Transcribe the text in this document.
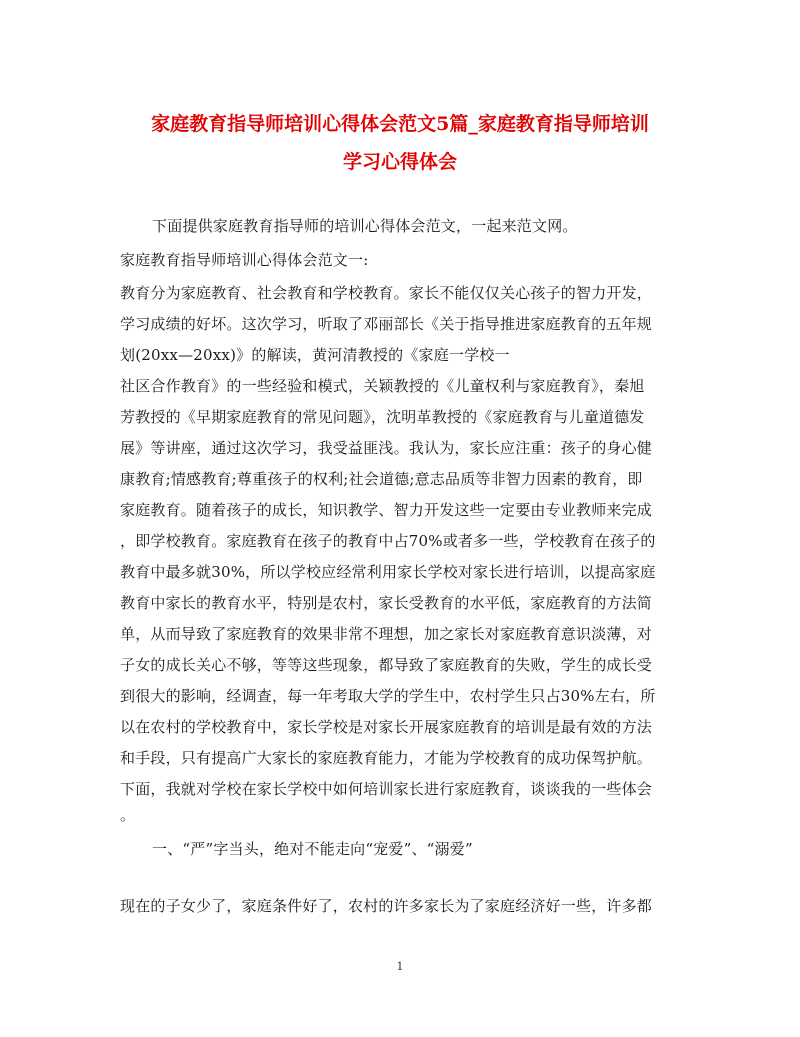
家庭教育指导师培训心得体会范文5篇_家庭教育指导师培训
学习心得体会
下面提供家庭教育指导师的培训心得体会范文，一起来范文网。
家庭教育指导师培训心得体会范文一:
教育分为家庭教育、社会教育和学校教育。家长不能仅仅关心孩子的智力开发，
学习成绩的好坏。这次学习，听取了邓丽部长《关于指导推进家庭教育的五年规
划(20xx—20xx)》的解读，黄河清教授的《家庭一学校一
社区合作教育》的一些经验和模式，关颖教授的《儿童权利与家庭教育》，秦旭
芳教授的《早期家庭教育的常见问题》，沈明革教授的《家庭教育与儿童道德发
展》等讲座，通过这次学习，我受益匪浅。我认为，家长应注重：孩子的身心健
康教育;情感教育;尊重孩子的权利;社会道德;意志品质等非智力因素的教育，即
家庭教育。随着孩子的成长，知识教学、智力开发这些一定要由专业教师来完成
，即学校教育。家庭教育在孩子的教育中占70%或者多一些，学校教育在孩子的
教育中最多就30%，所以学校应经常利用家长学校对家长进行培训，以提高家庭
教育中家长的教育水平，特别是农村，家长受教育的水平低，家庭教育的方法简
单，从而导致了家庭教育的效果非常不理想，加之家长对家庭教育意识淡薄，对
子女的成长关心不够，等等这些现象，都导致了家庭教育的失败，学生的成长受
到很大的影响，经调查，每一年考取大学的学生中，农村学生只占30%左右，所
以在农村的学校教育中，家长学校是对家长开展家庭教育的培训是最有效的方法
和手段，只有提高广大家长的家庭教育能力，才能为学校教育的成功保驾护航。
下面，我就对学校在家长学校中如何培训家长进行家庭教育，谈谈我的一些体会
。
一、“严”字当头，绝对不能走向“宠爱”、“溺爱”
现在的子女少了，家庭条件好了，农村的许多家长为了家庭经济好一些，许多都
1
